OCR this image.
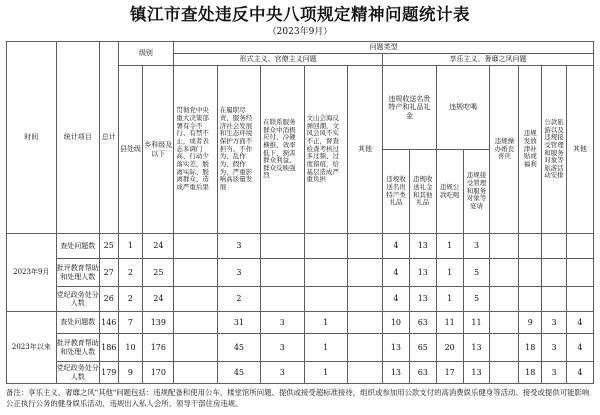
镇江市查处违反中央八项规定精神问题统计表
（2023年9月）
时间	统计项目	总计	级别		问题类型												
					形式主义、官僚主义问题					享乐主义、奢靡之风问题							
			县处级	乡科级及以下	贯彻党中央重大决策部署有令不行、有禁不止，或者表态多调门高、行动少落实差，脱离实际、脱离群众，造成严重后果	在履职尽责、服务经济社会发展和生态环境保护方面不担当、不作为、乱作为、假作为，严重影响高质量发展	在联系服务群众中消极应付、冷硬横推、效率低下，损害群众利益，群众反映强烈	文山会海反弹回潮，文风会风不实不正，督查检查考核过多过频、过度留痕，给基层造成严重负担	其他	违规收送名贵特产和礼品礼金		违规吃喝		违规操办婚丧喜庆	违规发放津补贴或福利	公款旅游以及违规接受管理和服务对象等旅游活动安排	其他
										违规收送名贵特产类礼品	违规收送礼金和其他礼品	违规公款吃喝	违规接受管理和服务对象等宴请				
2023年9月	查处问题数	25	1	24		3				4	13	1	3				
	批评教育帮助和处理人数	27	2	25		3				4	13	1	5				
	党纪政务处分人数	26	2	24		2				4	13	1	5				
2023年以来	查处问题数	146	7	139		31	3	1		10	63	11	11		9	3	4
	批评教育帮助和处理人数	186	10	176		45	3	1		13	65	20	13		18	3	4
	党纪政务处分人数	179	9	170		45	3	1		13	63	17	13		18	3	4
备注：享乐主义、奢靡之风"其他"问题包括：违规配备和使用公车、楼堂馆所问题、提供或接受超标准接待，组织或参加用公款支付的高消费娱乐健身等活动、接受或提供可能影响公正执行公务的健身娱乐活动、违规出入私人会所、领导干部住房违规。
